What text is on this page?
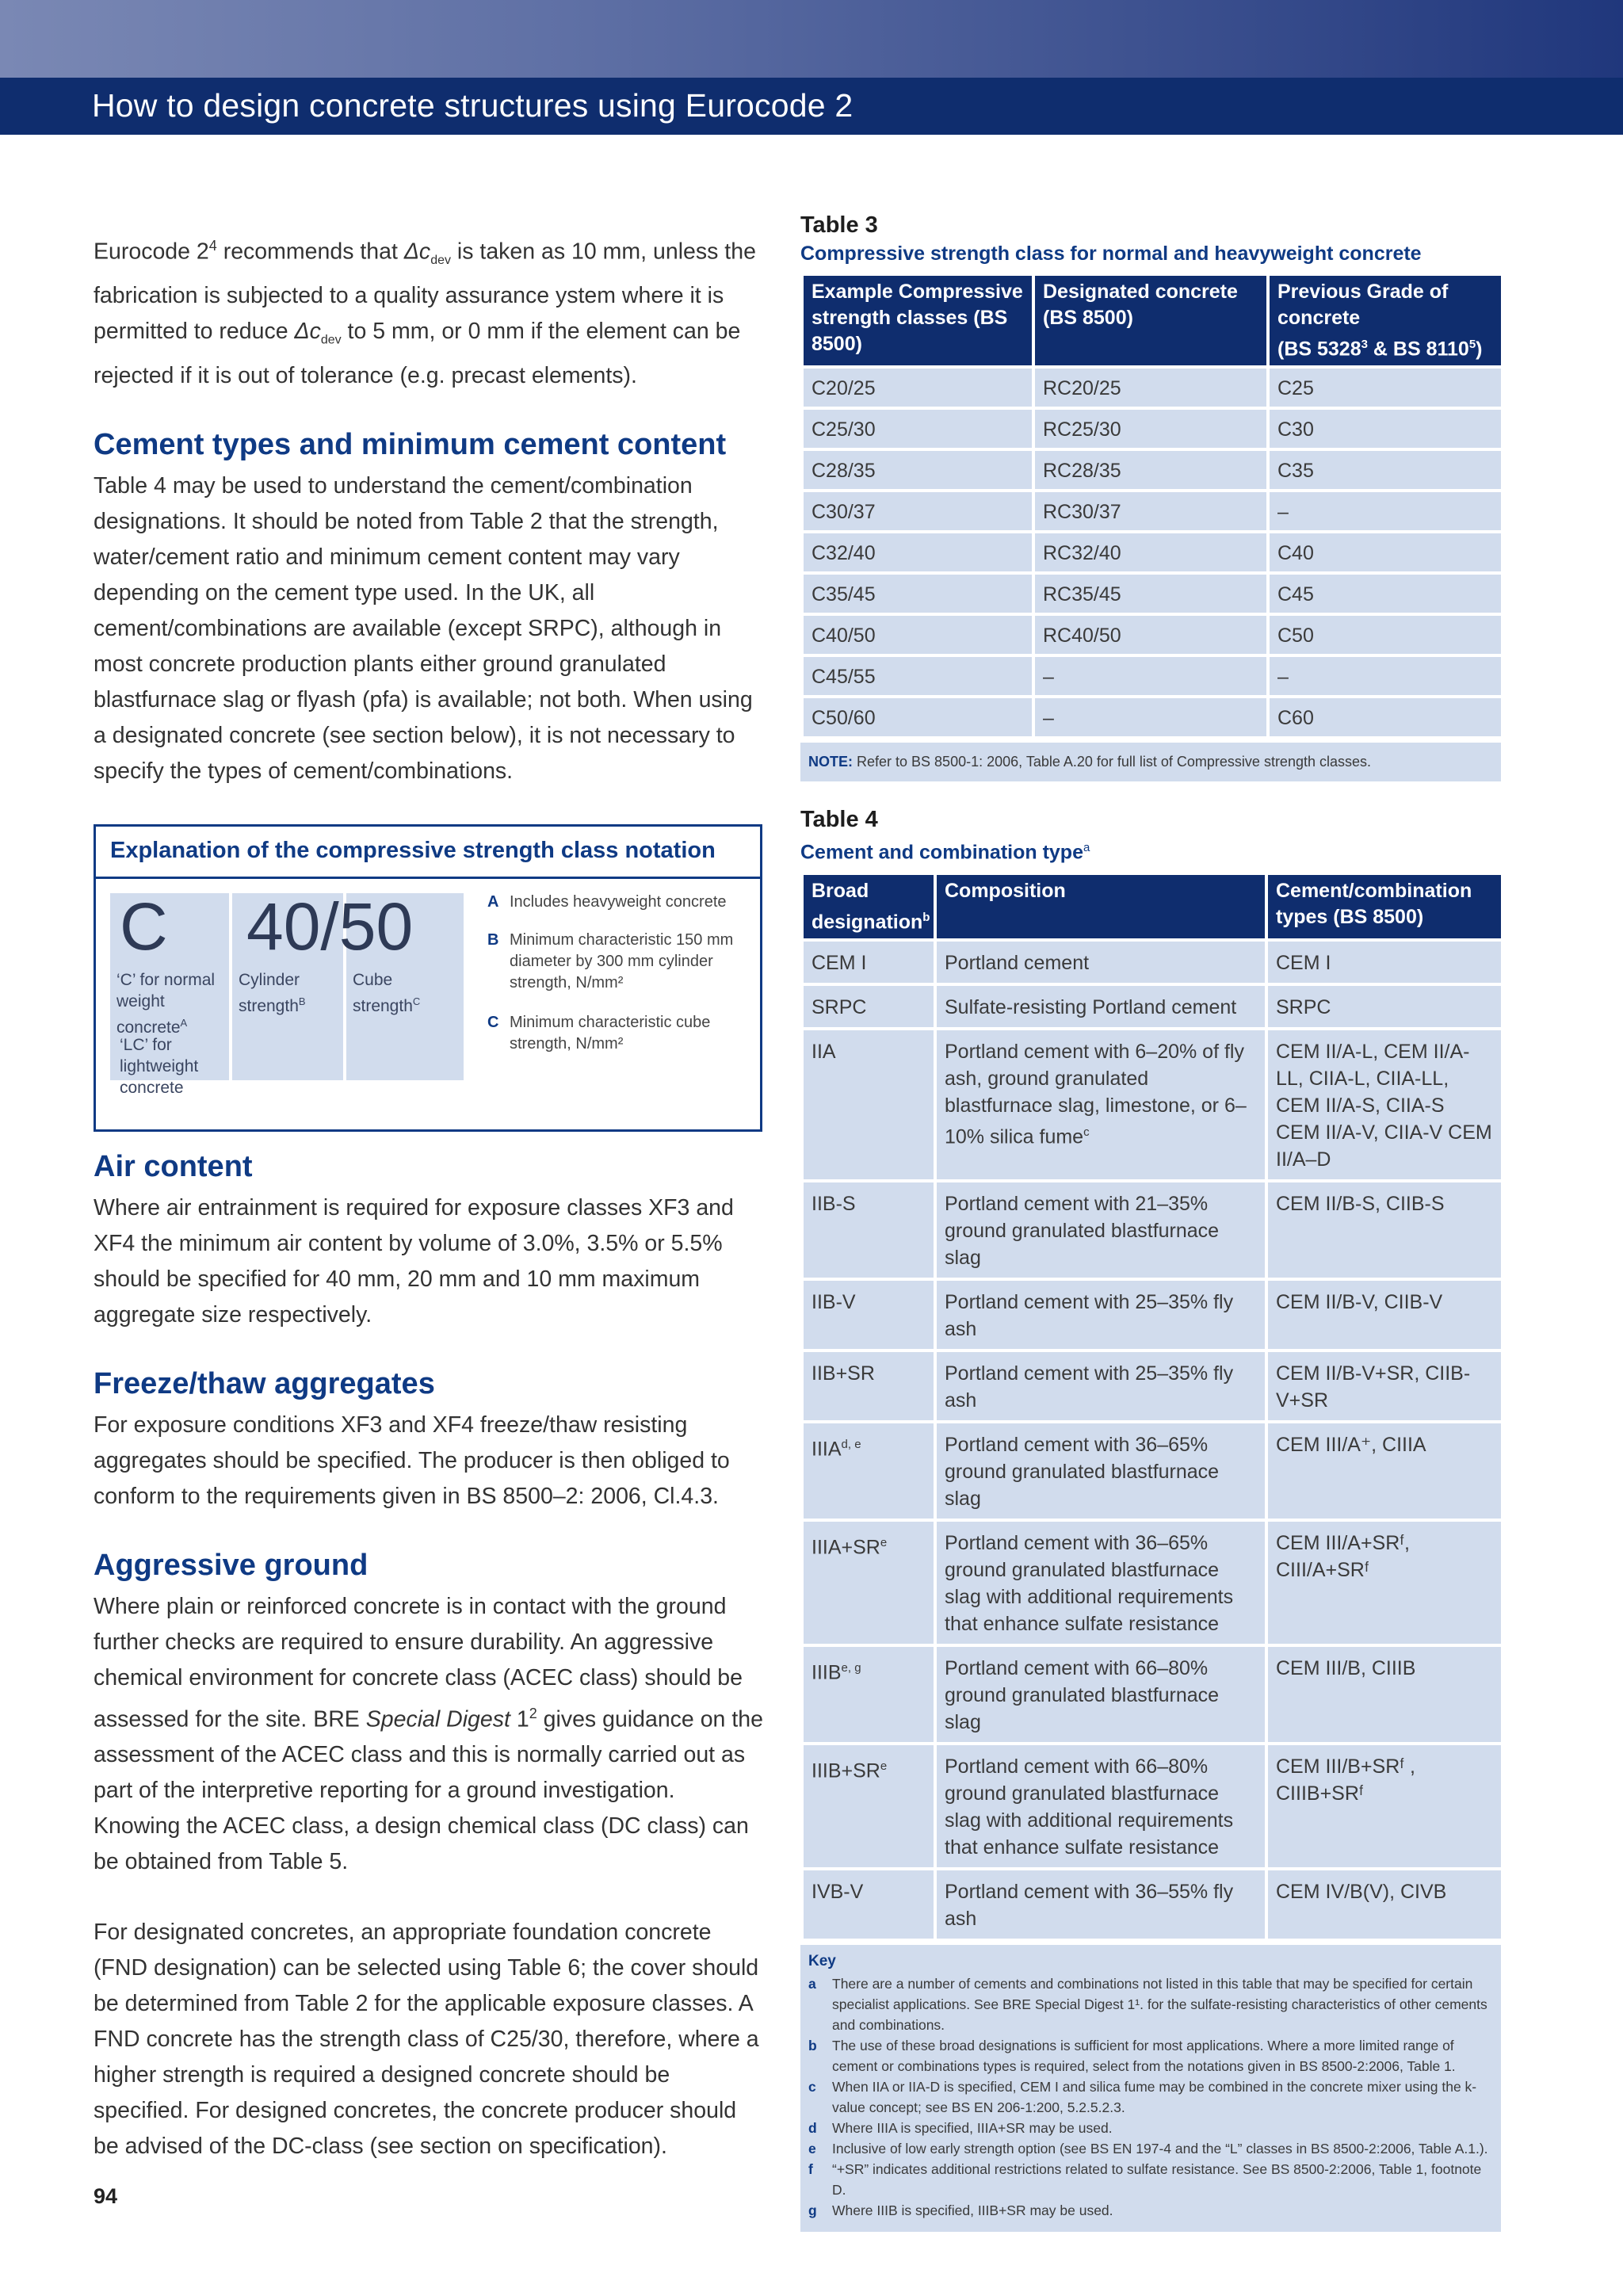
How to design concrete structures using Eurocode 2

Eurocode $2^4$ recommends that $\Delta c_{dev}$ is taken as 10 mm, unless the fabrication is subjected to a quality assurance ystem where it is permitted to reduce $\Delta c_{dev}$ to 5 mm, or 0 mm if the element can be rejected if it is out of tolerance (e.g. precast elements).

Cement types and minimum cement content

Table 4 may be used to understand the cement/combination designations. It should be noted from Table 2 that the strength, water/cement ratio and minimum cement content may vary depending on the cement type used. In the UK, all cement/combinations are available (except SRPC), although in most concrete production plants either ground granulated blastfurnace slag or flyash (pfa) is available; not both. When using a designated concrete (see section below), it is not necessary to specify the types of cement/combinations.

Explanation of the compressive strength class notation
C 40/50
‘C’ for normal weight concrete$^A$
‘LC’ for lightweight concrete
Cylinder strength$^B$
Cube strength$^C$
A Includes heavyweight concrete
B Minimum characteristic 150 mm diameter by 300 mm cylinder strength, N/mm²
C Minimum characteristic cube strength, N/mm²
Air content

Where air entrainment is required for exposure classes XF3 and XF4 the minimum air content by volume of 3.0%, 3.5% or 5.5% should be specified for 40 mm, 20 mm and 10 mm maximum aggregate size respectively.

Freeze/thaw aggregates

For exposure conditions XF3 and XF4 freeze/thaw resisting aggregates should be specified. The producer is then obliged to conform to the requirements given in BS 8500–2: 2006, Cl.4.3.

Aggressive ground

Where plain or reinforced concrete is in contact with the ground further checks are required to ensure durability. An aggressive chemical environment for concrete class (ACEC class) should be assessed for the site. BRE Special Digest $1^2$ gives guidance on the assessment of the ACEC class and this is normally carried out as part of the interpretive reporting for a ground investigation. Knowing the ACEC class, a design chemical class (DC class) can be obtained from Table 5.

For designated concretes, an appropriate foundation concrete (FND designation) can be selected using Table 6; the cover should be determined from Table 2 for the applicable exposure classes. A FND concrete has the strength class of C25/30, therefore, where a higher strength is required a designed concrete should be specified. For designed concretes, the concrete producer should be advised of the DC-class (see section on specification).

Table 3
Compressive strength class for normal and heavyweight concrete
Example Compressive strength classes (BS 8500)	Designated concrete (BS 8500)	Previous Grade of concrete
(BS 5328$^3$ & BS 8110$^5$)
C20/25	RC20/25	C25
C25/30	RC25/30	C30
C28/35	RC28/35	C35
C30/37	RC30/37	–
C32/40	RC32/40	C40
C35/45	RC35/45	C45
C40/50	RC40/50	C50
C45/55	–	–
C50/60	–	C60
NOTE: Refer to BS 8500-1: 2006, Table A.20 for full list of Compressive strength classes.
Table 4
Cement and combination type$^a$
Broad designation$^b$	Composition	Cement/combination types (BS 8500)
CEM I	Portland cement	CEM I
SRPC	Sulfate-resisting Portland cement	SRPC
IIA	Portland cement with 6–20% of fly ash, ground granulated blastfurnace slag, limestone, or 6–10% silica fume$^c$	CEM II/A-L, CEM II/A-LL, CIIA-L, CIIA-LL, CEM II/A-S, CIIA-S CEM II/A-V, CIIA-V CEM II/A–D
IIB-S	Portland cement with 21–35% ground granulated blastfurnace slag	CEM II/B-S, CIIB-S
IIB-V	Portland cement with 25–35% fly ash	CEM II/B-V, CIIB-V
IIB+SR	Portland cement with 25–35% fly ash	CEM II/B-V+SR, CIIB-V+SR
IIIA$^{d, e}$	Portland cement with 36–65% ground granulated blastfurnace slag	CEM III/A⁺, CIIIA
$IIIA+SR^e$	Portland cement with 36–65% ground granulated blastfurnace slag with additional requirements that enhance sulfate resistance	CEM III/A+SRᶠ, CIII/A+SRᶠ
IIIB$^{e, g}$	Portland cement with 66–80% ground granulated blastfurnace slag	CEM III/B, CIIIB
$IIIB+SR^e$	Portland cement with 66–80% ground granulated blastfurnace slag with additional requirements that enhance sulfate resistance	CEM III/B+SRᶠ , CIIIB+SRᶠ
IVB-V	Portland cement with 36–55% fly ash	CEM IV/B(V), CIVB
Key
a There are a number of cements and combinations not listed in this table that may be specified for certain specialist applications. See BRE Special Digest 1¹. for the sulfate-resisting characteristics of other cements and combinations.
b The use of these broad designations is sufficient for most applications. Where a more limited range of cement or combinations types is required, select from the notations given in BS 8500-2:2006, Table 1.
c When IIA or IIA-D is specified, CEM I and silica fume may be combined in the concrete mixer using the k-value concept; see BS EN 206-1:200, 5.2.5.2.3.
d Where IIIA is specified, IIIA+SR may be used.
e Inclusive of low early strength option (see BS EN 197-4 and the “L” classes in BS 8500-2:2006, Table A.1.).
f “+SR” indicates additional restrictions related to sulfate resistance. See BS 8500-2:2006, Table 1, footnote D.
g Where IIIB is specified, IIIB+SR may be used.
94
